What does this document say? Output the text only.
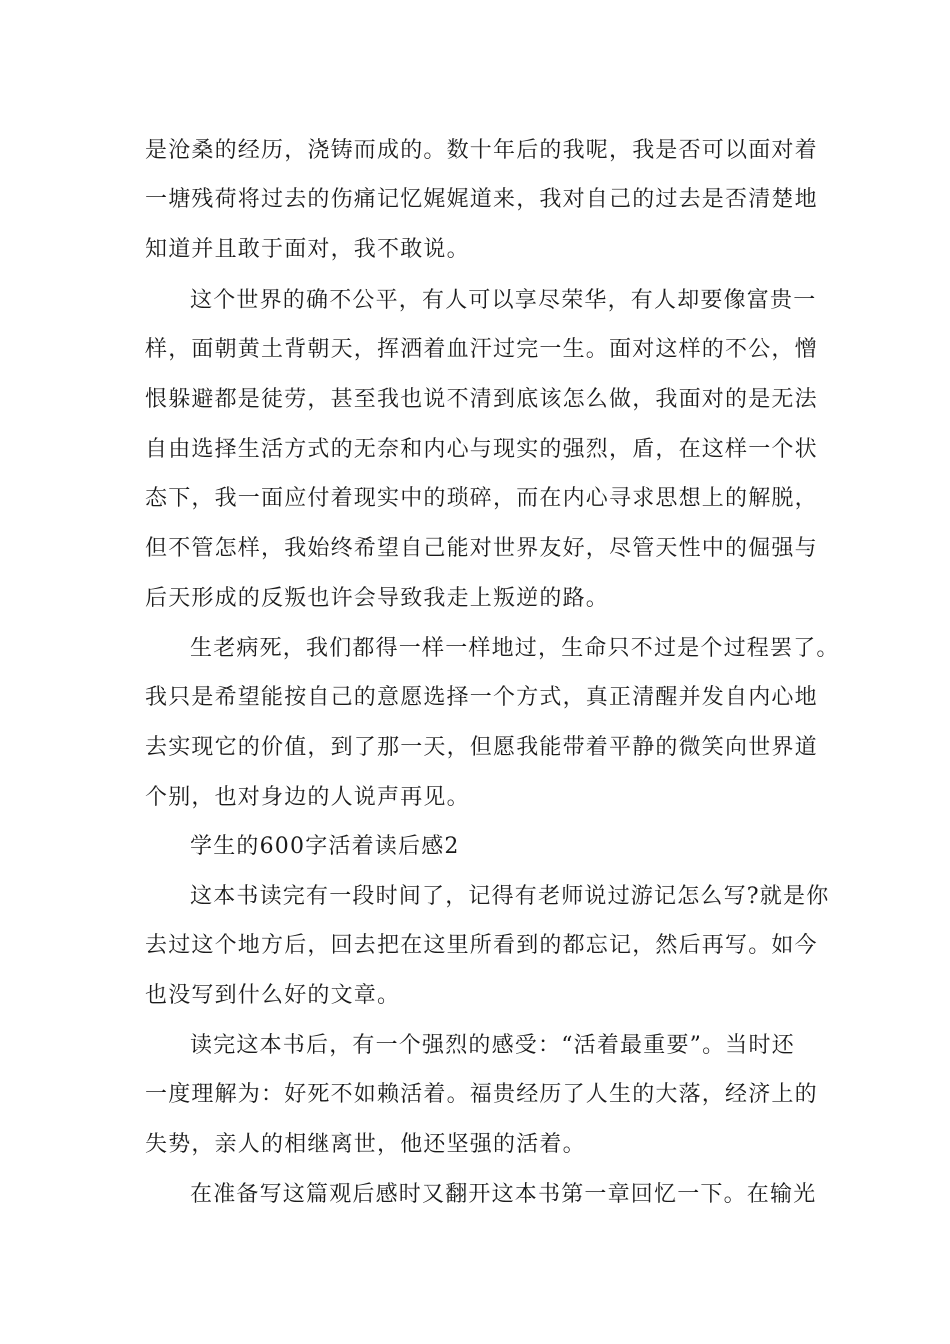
是沧桑的经历，浇铸而成的。数十年后的我呢，我是否可以面对着
一塘残荷将过去的伤痛记忆娓娓道来，我对自己的过去是否清楚地
知道并且敢于面对，我不敢说。
这个世界的确不公平，有人可以享尽荣华，有人却要像富贵一
样，面朝黄土背朝天，挥洒着血汗过完一生。面对这样的不公，憎
恨躲避都是徒劳，甚至我也说不清到底该怎么做，我面对的是无法
自由选择生活方式的无奈和内心与现实的强烈，盾，在这样一个状
态下，我一面应付着现实中的琐碎，而在内心寻求思想上的解脱，
但不管怎样，我始终希望自己能对世界友好，尽管天性中的倔强与
后天形成的反叛也许会导致我走上叛逆的路。
生老病死，我们都得一样一样地过，生命只不过是个过程罢了。
我只是希望能按自己的意愿选择一个方式，真正清醒并发自内心地
去实现它的价值，到了那一天，但愿我能带着平静的微笑向世界道
个别，也对身边的人说声再见。
学生的600字活着读后感2
这本书读完有一段时间了，记得有老师说过游记怎么写?就是你
去过这个地方后，回去把在这里所看到的都忘记，然后再写。如今
也没写到什么好的文章。
读完这本书后，有一个强烈的感受：“活着最重要”。当时还
一度理解为：好死不如赖活着。福贵经历了人生的大落，经济上的
失势，亲人的相继离世，他还坚强的活着。
在准备写这篇观后感时又翻开这本书第一章回忆一下。在输光
